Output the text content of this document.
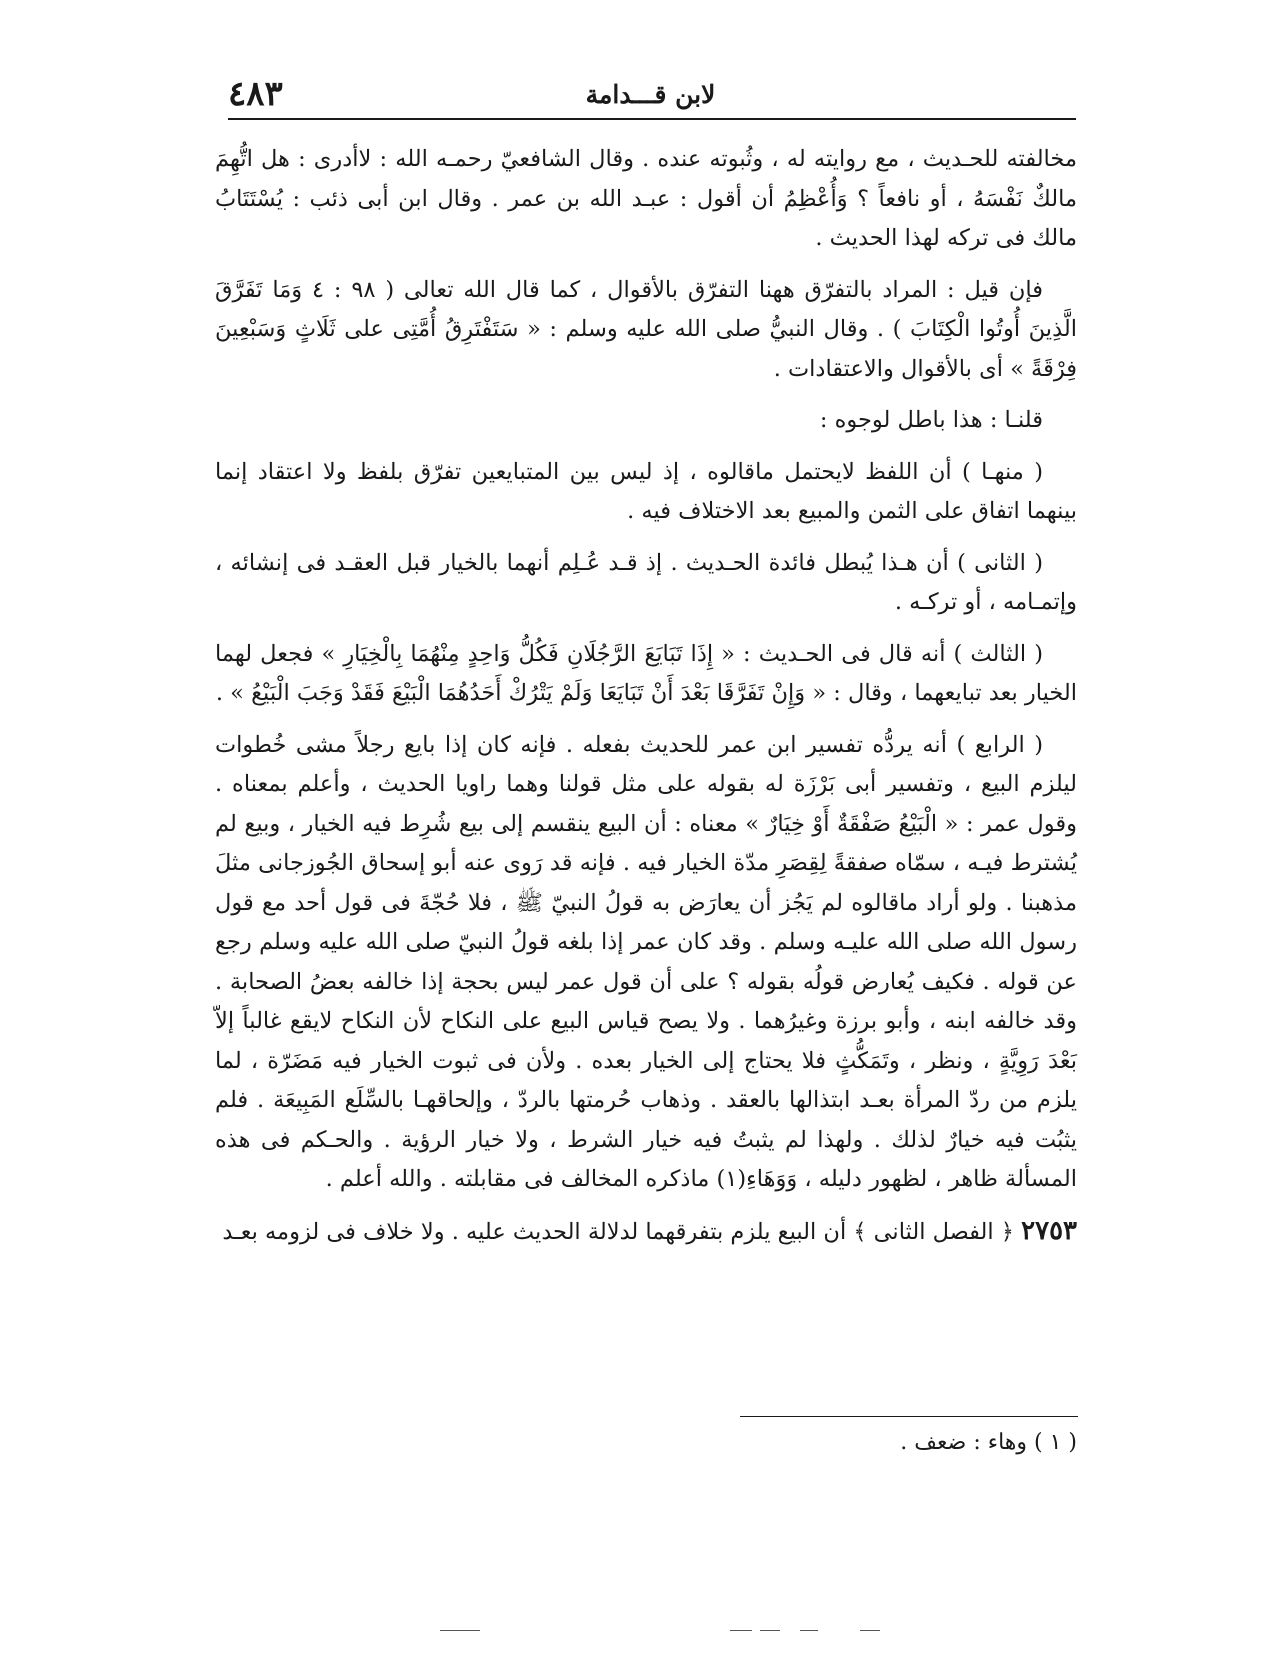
٤٨٣	لابن قـــدامة

مخالفته للحـديث ، مع روايته له ، وثُبوته عنده . وقال الشافعيّ رحمـه الله : لاأدرى : هل اتُّهِمَ مالكٌ نَفْسَهُ ، أو نافعاً ؟ وَأُعْظِمُ أن أقول : عبـد الله بن عمر . وقال ابن أبى ذئب : يُسْتَتَابُ مالك فى تركه لهذا الحديث .

فإن قيل : المراد بالتفرّق ههنا التفرّق بالأقوال ، كما قال الله تعالى ( ٩٨ : ٤ وَمَا تَفَرَّقَ الَّذِينَ أُوتُوا الْكِتَابَ ) . وقال النبيُّ صلى الله عليه وسلم : « سَتَفْتَرِقُ أُمَّتِى على ثَلَاثٍ وَسَبْعِينَ فِرْقَةً » أى بالأقوال والاعتقادات .

قلنـا : هذا باطل لوجوه :

( منهـا ) أن اللفظ لايحتمل ماقالوه ، إذ ليس بين المتبايعين تفرّق بلفظ ولا اعتقاد إنما بينهما اتفاق على الثمن والمبيع بعد الاختلاف فيه .

( الثانى ) أن هـذا يُبطل فائدة الحـديث . إذ قـد عُـلِم أنهما بالخيار قبل العقـد فى إنشائه ، وإتمـامه ، أو تركـه .

( الثالث ) أنه قال فى الحـديث : « إِذَا تَبَايَعَ الرَّجُلَانِ فَكُلُّ وَاحِدٍ مِنْهُمَا بِالْخِيَارِ » فجعل لهما الخيار بعد تبايعهما ، وقال : « وَإِنْ تَفَرَّقَا بَعْدَ أَنْ تَبَايَعَا وَلَمْ يَتْرُكْ أَحَدُهُمَا الْبَيْعَ فَقَدْ وَجَبَ الْبَيْعُ » .

( الرابع ) أنه يردُّه تفسير ابن عمر للحديث بفعله . فإنه كان إذا بايع رجلاً مشى خُطوات ليلزم البيع ، وتفسير أبى بَرْزَة له بقوله على مثل قولنا وهما راويا الحديث ، وأعلم بمعناه . وقول عمر : « الْبَيْعُ صَفْقَةٌ أَوْ خِيَارٌ » معناه : أن البيع ينقسم إلى بيع شُرِط فيه الخيار ، وبيع لم يُشترط فيـه ، سمّاه صفقةً لِقِصَرِ مدّة الخيار فيه . فإنه قد رَوى عنه أبو إسحاق الجُوزجانى مثلَ مذهبنا . ولو أراد ماقالوه لم يَجُز أن يعارَض به قولُ النبيّ ﷺ ، فلا حُجّةَ فى قول أحد مع قول رسول الله صلى الله عليـه وسلم . وقد كان عمر إذا بلغه قولُ النبيّ صلى الله عليه وسلم رجع عن قوله . فكيف يُعارض قولُه بقوله ؟ على أن قول عمر ليس بحجة إذا خالفه بعضُ الصحابة . وقد خالفه ابنه ، وأبو برزة وغيرُهما . ولا يصح قياس البيع على النكاح لأن النكاح لايقع غالباً إلاّ بَعْدَ رَوِيَّةٍ ، ونظر ، وتَمَكُّثٍ فلا يحتاج إلى الخيار بعده . ولأن فى ثبوت الخيار فيه مَضَرّة ، لما يلزم من ردّ المرأة بعـد ابتذالها بالعقد . وذهاب حُرمتها بالردّ ، وإلحاقهـا بالسِّلَع المَبِيعَة . فلم يثبُت فيه خيارٌ لذلك . ولهذا لم يثبتُ فيه خيار الشرط ، ولا خيار الرؤية . والحـكم فى هذه المسألة ظاهر ، لظهور دليله ، وَوَهَاءِ(١) ماذكره المخالف فى مقابلته . والله أعلم .

٢٧٥٣ ﴿ الفصل الثانى ﴾ أن البيع يلزم بتفرقهما لدلالة الحديث عليه . ولا خلاف فى لزومه بعـد

( ١ ) وهاء : ضعف .
